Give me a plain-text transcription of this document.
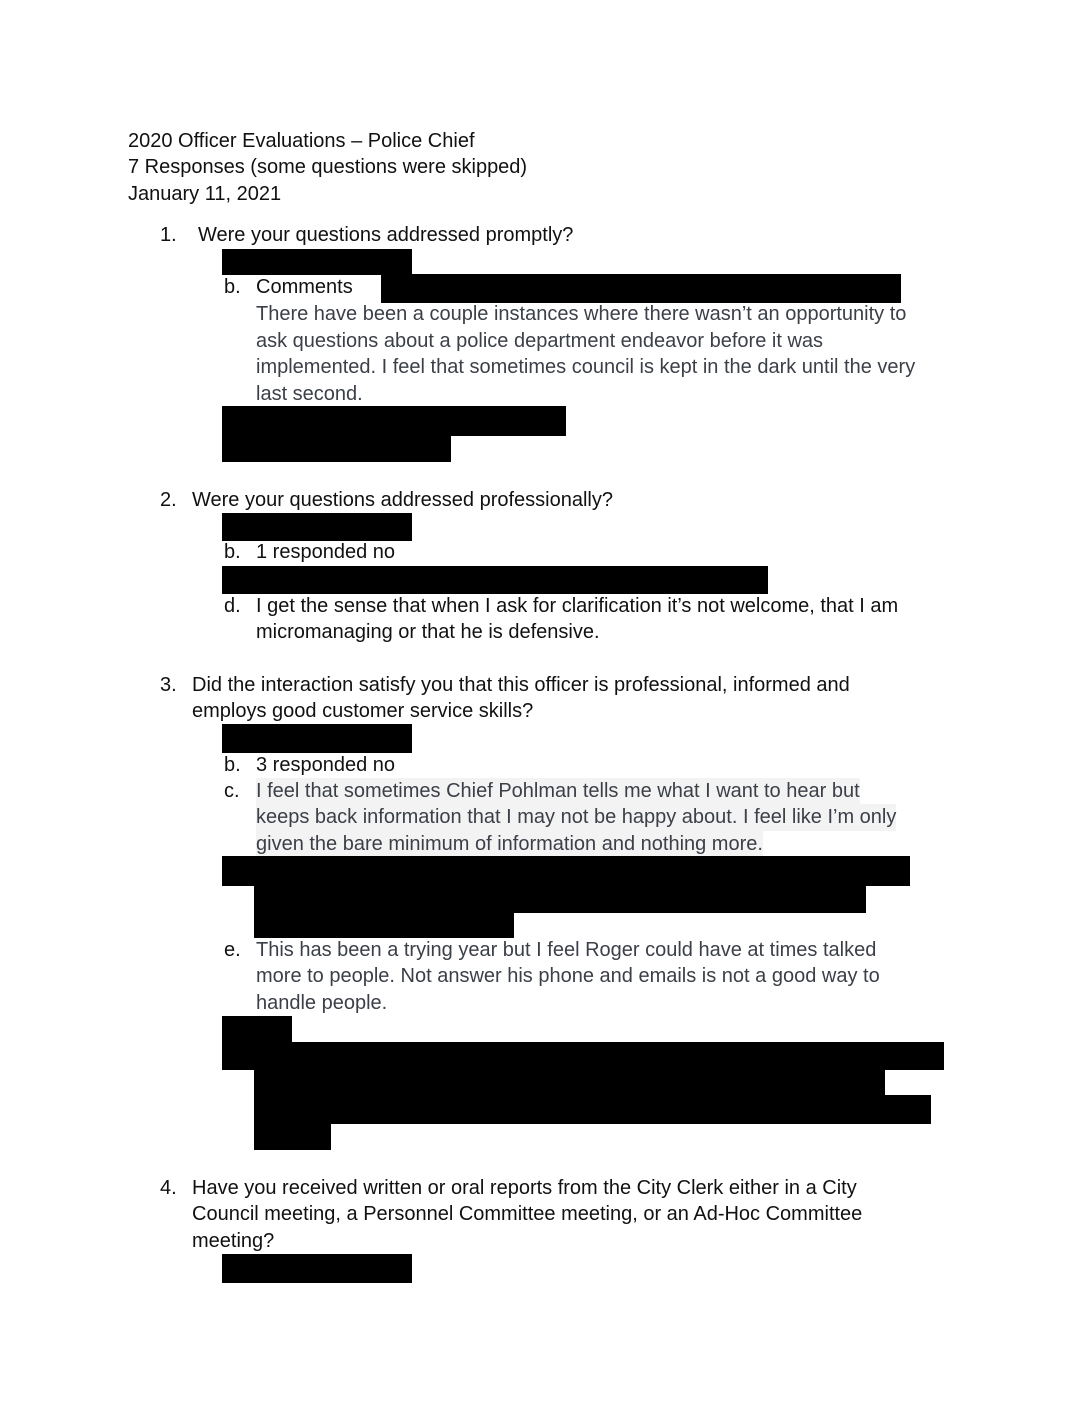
2020 Officer Evaluations – Police Chief
7 Responses (some questions were skipped)
January 11, 2021
1. Were your questions addressed promptly?
b. Comments
There have been a couple instances where there wasn’t an opportunity to
ask questions about a police department endeavor before it was
implemented. I feel that sometimes council is kept in the dark until the very
last second.
2. Were your questions addressed professionally?
b. 1 responded no
d. I get the sense that when I ask for clarification it’s not welcome, that I am
micromanaging or that he is defensive.
3. Did the interaction satisfy you that this officer is professional, informed and
employs good customer service skills?
b. 3 responded no
c. I feel that sometimes Chief Pohlman tells me what I want to hear but
keeps back information that I may not be happy about. I feel like I’m only
given the bare minimum of information and nothing more.
e. This has been a trying year but I feel Roger could have at times talked
more to people. Not answer his phone and emails is not a good way to
handle people.
4. Have you received written or oral reports from the City Clerk either in a City
Council meeting, a Personnel Committee meeting, or an Ad-Hoc Committee
meeting?
